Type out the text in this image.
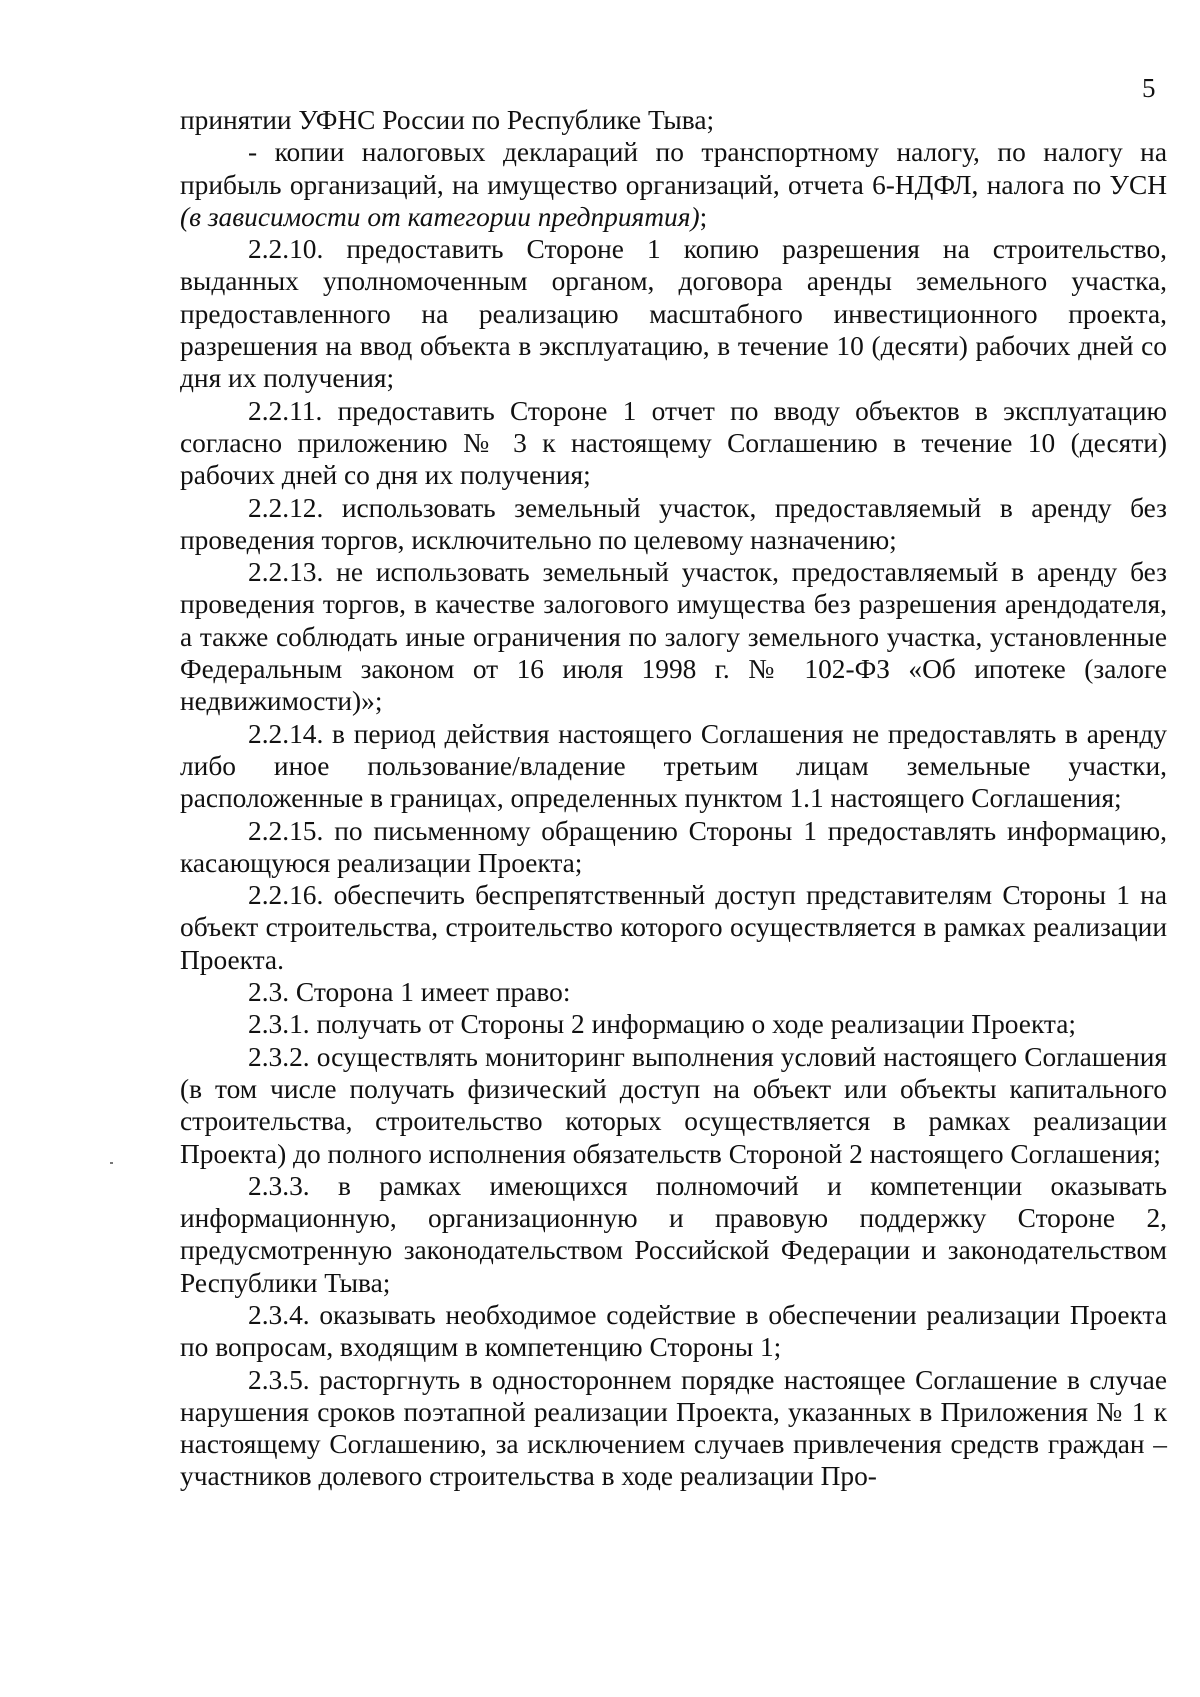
5

принятии УФНС России по Республике Тыва;

- копии налоговых деклараций по транспортному налогу, по налогу на прибыль организаций, на имущество организаций, отчета 6-НДФЛ, налога по УСН (в зависимости от категории предприятия);

2.2.10. предоставить Стороне 1 копию разрешения на строительство, выданных уполномоченным органом, договора аренды земельного участка, предоставленного на реализацию масштабного инвестиционного проекта, разрешения на ввод объекта в эксплуатацию, в течение 10 (десяти) рабочих дней со дня их получения;

2.2.11. предоставить Стороне 1 отчет по вводу объектов в эксплуатацию согласно приложению № 3 к настоящему Соглашению в течение 10 (десяти) рабочих дней со дня их получения;

2.2.12. использовать земельный участок, предоставляемый в аренду без проведения торгов, исключительно по целевому назначению;

2.2.13. не использовать земельный участок, предоставляемый в аренду без проведения торгов, в качестве залогового имущества без разрешения арендодателя, а также соблюдать иные ограничения по залогу земельного участка, установленные Федеральным законом от 16 июля 1998 г. № 102-ФЗ «Об ипотеке (залоге недвижимости)»;

2.2.14. в период действия настоящего Соглашения не предоставлять в аренду либо иное пользование/владение третьим лицам земельные участки, расположенные в границах, определенных пунктом 1.1 настоящего Соглашения;

2.2.15. по письменному обращению Стороны 1 предоставлять информацию, касающуюся реализации Проекта;

2.2.16. обеспечить беспрепятственный доступ представителям Стороны 1 на объект строительства, строительство которого осуществляется в рамках реализации Проекта.

2.3. Сторона 1 имеет право:

2.3.1. получать от Стороны 2 информацию о ходе реализации Проекта;

2.3.2. осуществлять мониторинг выполнения условий настоящего Соглашения (в том числе получать физический доступ на объект или объекты капитального строительства, строительство которых осуществляется в рамках реализации Проекта) до полного исполнения обязательств Стороной 2 настоящего Соглашения;

2.3.3. в рамках имеющихся полномочий и компетенции оказывать информационную, организационную и правовую поддержку Стороне 2, предусмотренную законодательством Российской Федерации и законодательством Республики Тыва;

2.3.4. оказывать необходимое содействие в обеспечении реализации Проекта по вопросам, входящим в компетенцию Стороны 1;

2.3.5. расторгнуть в одностороннем порядке настоящее Соглашение в случае нарушения сроков поэтапной реализации Проекта, указанных в Приложения № 1 к настоящему Соглашению, за исключением случаев привлечения средств граждан – участников долевого строительства в ходе реализации Про-
